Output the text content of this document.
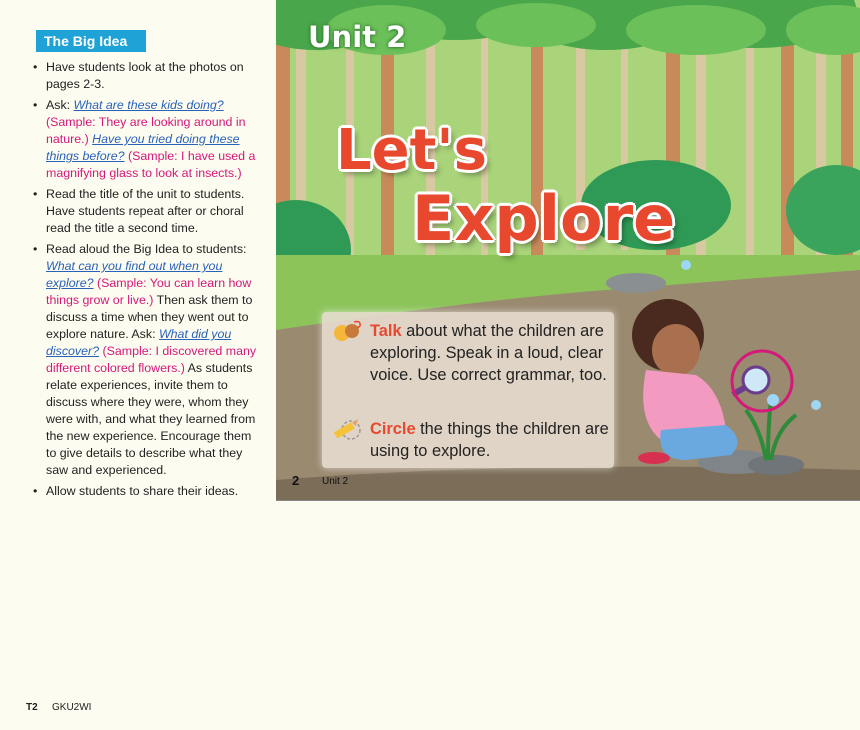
The Big Idea
• Have students look at the photos on pages 2-3.
• Ask: What are these kids doing? (Sample: They are looking around in nature.) Have you tried doing these things before? (Sample: I have used a magnifying glass to look at insects.)
• Read the title of the unit to students. Have students repeat after or choral read the title a second time.
• Read aloud the Big Idea to students: What can you find out when you explore? (Sample: You can learn how things grow or live.) Then ask them to discuss a time when they went out to explore nature. Ask: What did you discover? (Sample: I discovered many different colored flowers.) As students relate experiences, invite them to discuss where they were, whom they were with, and what they learned from the new experience. Encourage them to give details to describe what they saw and experienced.
• Allow students to share their ideas.
T2 GKU2WI
Unit 2
Let's
Explore
Talk about what the children are exploring. Speak in a loud, clear voice. Use correct grammar, too.
Circle the things the children are using to explore.
2 Unit 2
